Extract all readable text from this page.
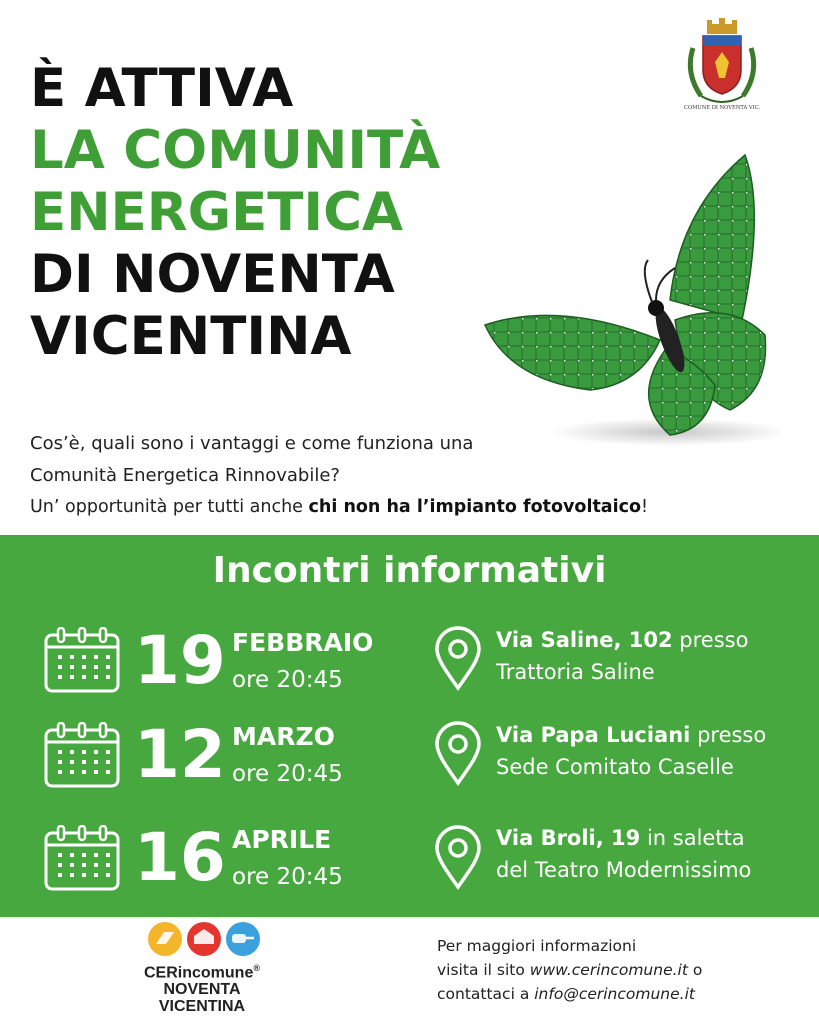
È ATTIVA
LA COMUNITÀ
ENERGETICA
DI NOVENTA
VICENTINA
COMUNE DI NOVENTA VIC.
Cos’è, quali sono i vantaggi e come funziona una
Comunità Energetica Rinnovabile?
Un’ opportunità per tutti anche chi non ha l’impianto fotovoltaico!
Incontri informativi
19 FEBBRAIO
ore 20:45
Via Saline, 102 presso
Trattoria Saline
12 MARZO
ore 20:45
Via Papa Luciani presso
Sede Comitato Caselle
16 APRILE
ore 20:45
Via Broli, 19 in saletta
del Teatro Modernissimo
CERincomune®
NOVENTA
VICENTINA
Per maggiori informazioni
visita il sito www.cerincomune.it o
contattaci a info@cerincomune.it
